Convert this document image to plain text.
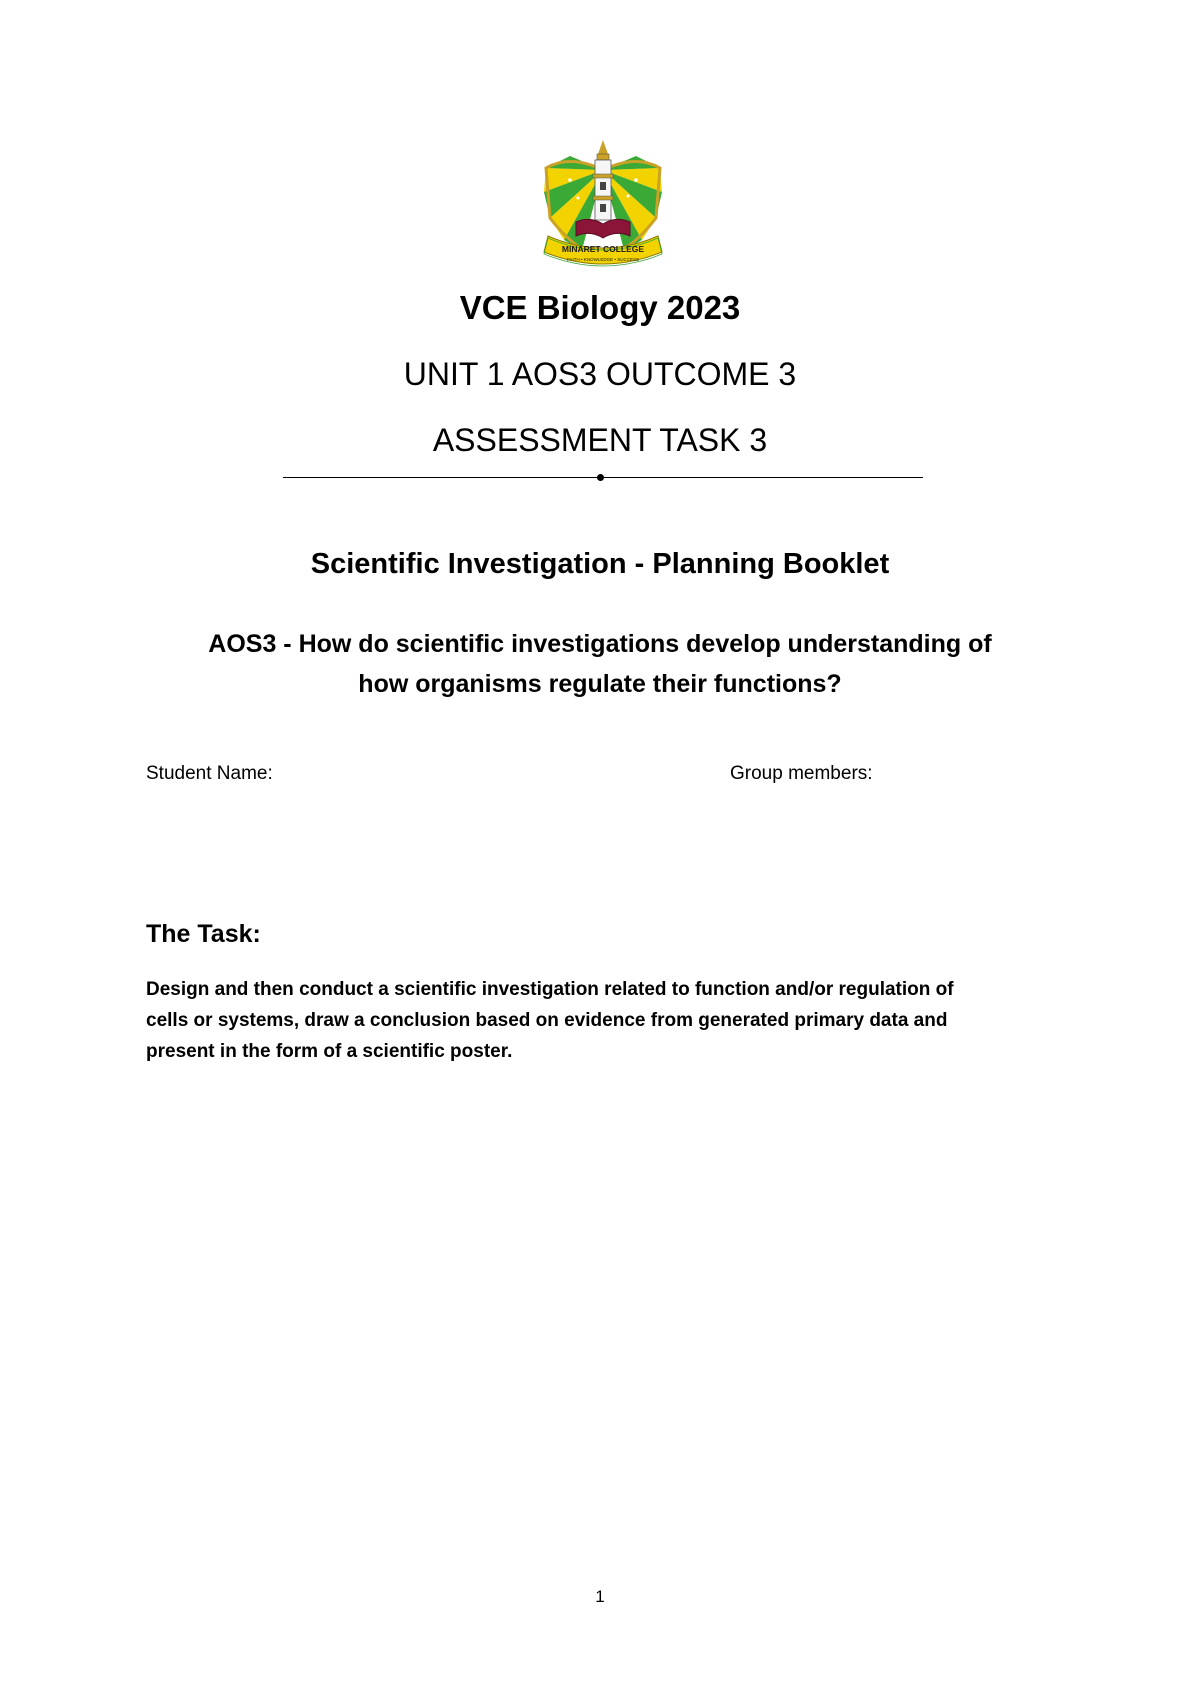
MINARET COLLEGE
FAITH • KNOWLEDGE • SUCCESS
VCE Biology 2023
UNIT 1 AOS3 OUTCOME 3
ASSESSMENT TASK 3
Scientific Investigation - Planning Booklet
AOS3 - How do scientific investigations develop understanding of
how organisms regulate their functions?
Student Name:	Group members:
The Task:
Design and then conduct a scientific investigation related to function and/or regulation of
cells or systems, draw a conclusion based on evidence from generated primary data and
present in the form of a scientific poster.
1
